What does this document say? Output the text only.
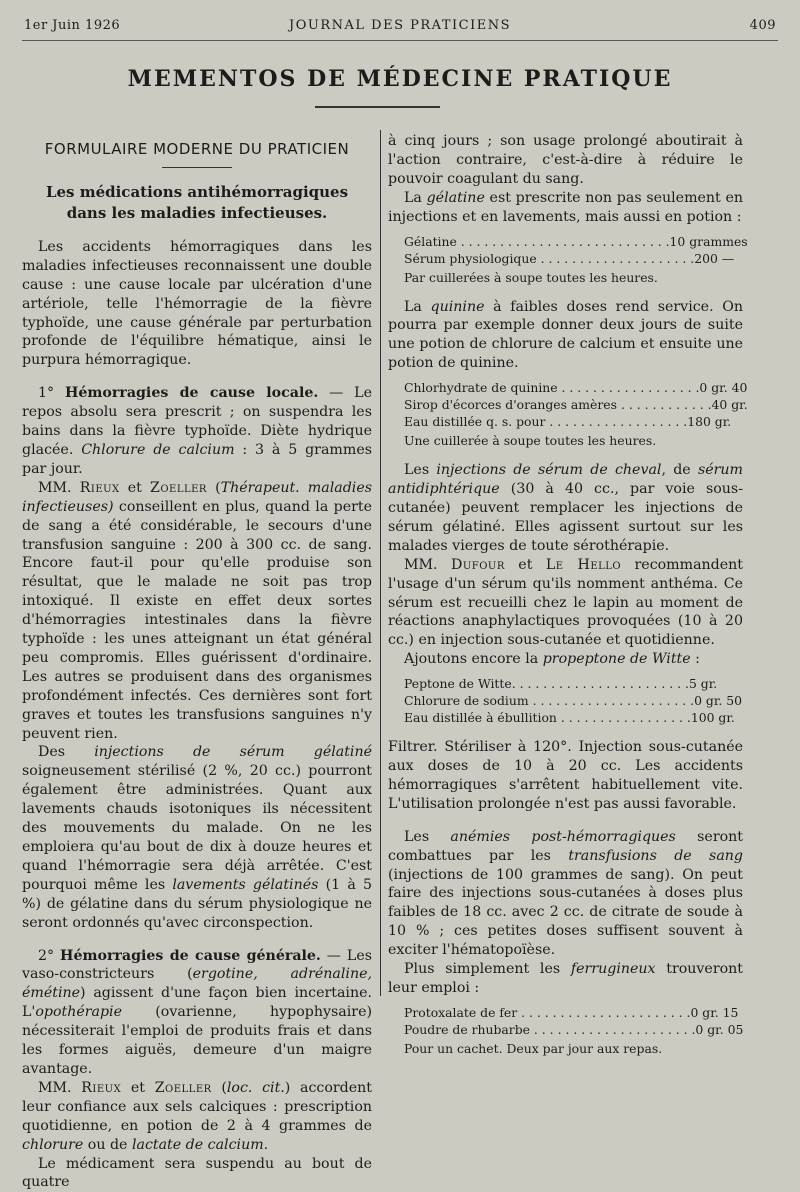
1er Juin 1926	JOURNAL DES PRATICIENS	409
MEMENTOS DE MÉDECINE PRATIQUE
FORMULAIRE MODERNE DU PRATICIEN
Les médications antihémorragiques
dans les maladies infectieuses.

Les accidents hémorragiques dans les maladies infectieuses reconnaissent une double cause : une cause locale par ulcération d'une artériole, telle l'hémorragie de la fièvre typhoïde, une cause générale par perturbation profonde de l'équilibre hématique, ainsi le purpura hémorragique.

1° Hémorragies de cause locale. — Le repos absolu sera prescrit ; on suspendra les bains dans la fièvre typhoïde. Diète hydrique glacée. Chlorure de calcium : 3 à 5 grammes par jour.

MM. Rieux et Zoeller (Thérapeut. maladies infectieuses) conseillent en plus, quand la perte de sang a été considérable, le secours d'une transfusion sanguine : 200 à 300 cc. de sang. Encore faut-il pour qu'elle produise son résultat, que le malade ne soit pas trop intoxiqué. Il existe en effet deux sortes d'hémorragies intestinales dans la fièvre typhoïde : les unes atteignant un état général peu compromis. Elles guérissent d'ordinaire. Les autres se produisent dans des organismes profondément infectés. Ces dernières sont fort graves et toutes les transfusions sanguines n'y peuvent rien.

Des injections de sérum gélatiné soigneusement stérilisé (2 %, 20 cc.) pourront également être administrées. Quant aux lavements chauds isotoniques ils nécessitent des mouvements du malade. On ne les emploiera qu'au bout de dix à douze heures et quand l'hémorragie sera déjà arrêtée. C'est pourquoi même les lavements gélatinés (1 à 5 %) de gélatine dans du sérum physiologique ne seront ordonnés qu'avec circonspection.

2° Hémorragies de cause générale. — Les vaso-constricteurs (ergotine, adrénaline, émétine) agissent d'une façon bien incertaine. L'opothérapie (ovarienne, hypophysaire) nécessiterait l'emploi de produits frais et dans les formes aiguës, demeure d'un maigre avantage.

MM. Rieux et Zoeller (loc. cit.) accordent leur confiance aux sels calciques : prescription quotidienne, en potion de 2 à 4 grammes de chlorure ou de lactate de calcium.

Le médicament sera suspendu au bout de quatre

à cinq jours ; son usage prolongé aboutirait à l'action contraire, c'est-à-dire à réduire le pouvoir coagulant du sang.

La gélatine est prescrite non pas seulement en injections et en lavements, mais aussi en potion :

Gélatine . . . . . . . . . . . . . . . . . . . . . . . . . . . 10 grammes
Sérum physiologique . . . . . . . . . . . . . . . . . . . . 200 —
Par cuillerées à soupe toutes les heures.

La quinine à faibles doses rend service. On pourra par exemple donner deux jours de suite une potion de chlorure de calcium et ensuite une potion de quinine.

Chlorhydrate de quinine . . . . . . . . . . . . . . . . . . 0 gr. 40
Sirop d'écorces d'oranges amères . . . . . . . . . . . . 40 gr.
Eau distillée q. s. pour . . . . . . . . . . . . . . . . . . 180 gr.
Une cuillerée à soupe toutes les heures.

Les injections de sérum de cheval, de sérum antidiphtérique (30 à 40 cc., par voie sous-cutanée) peuvent remplacer les injections de sérum gélatiné. Elles agissent surtout sur les malades vierges de toute sérothérapie.

MM. Dufour et Le Hello recommandent l'usage d'un sérum qu'ils nomment anthéma. Ce sérum est recueilli chez le lapin au moment de réactions anaphylactiques provoquées (10 à 20 cc.) en injection sous-cutanée et quotidienne.

Ajoutons encore la propeptone de Witte :

Peptone de Witte. . . . . . . . . . . . . . . . . . . . . . . 5 gr.
Chlorure de sodium . . . . . . . . . . . . . . . . . . . . . 0 gr. 50
Eau distillée à ébullition . . . . . . . . . . . . . . . . . 100 gr.

Filtrer. Stériliser à 120°. Injection sous-cutanée aux doses de 10 à 20 cc. Les accidents hémorragiques s'arrêtent habituellement vite. L'utilisation prolongée n'est pas aussi favorable.

Les anémies post-hémorragiques seront combattues par les transfusions de sang (injections de 100 grammes de sang). On peut faire des injections sous-cutanées à doses plus faibles de 18 cc. avec 2 cc. de citrate de soude à 10 % ; ces petites doses suffisent souvent à exciter l'hématopoïèse.

Plus simplement les ferrugineux trouveront leur emploi :

Protoxalate de fer . . . . . . . . . . . . . . . . . . . . . . 0 gr. 15
Poudre de rhubarbe . . . . . . . . . . . . . . . . . . . . . 0 gr. 05
Pour un cachet. Deux par jour aux repas.
